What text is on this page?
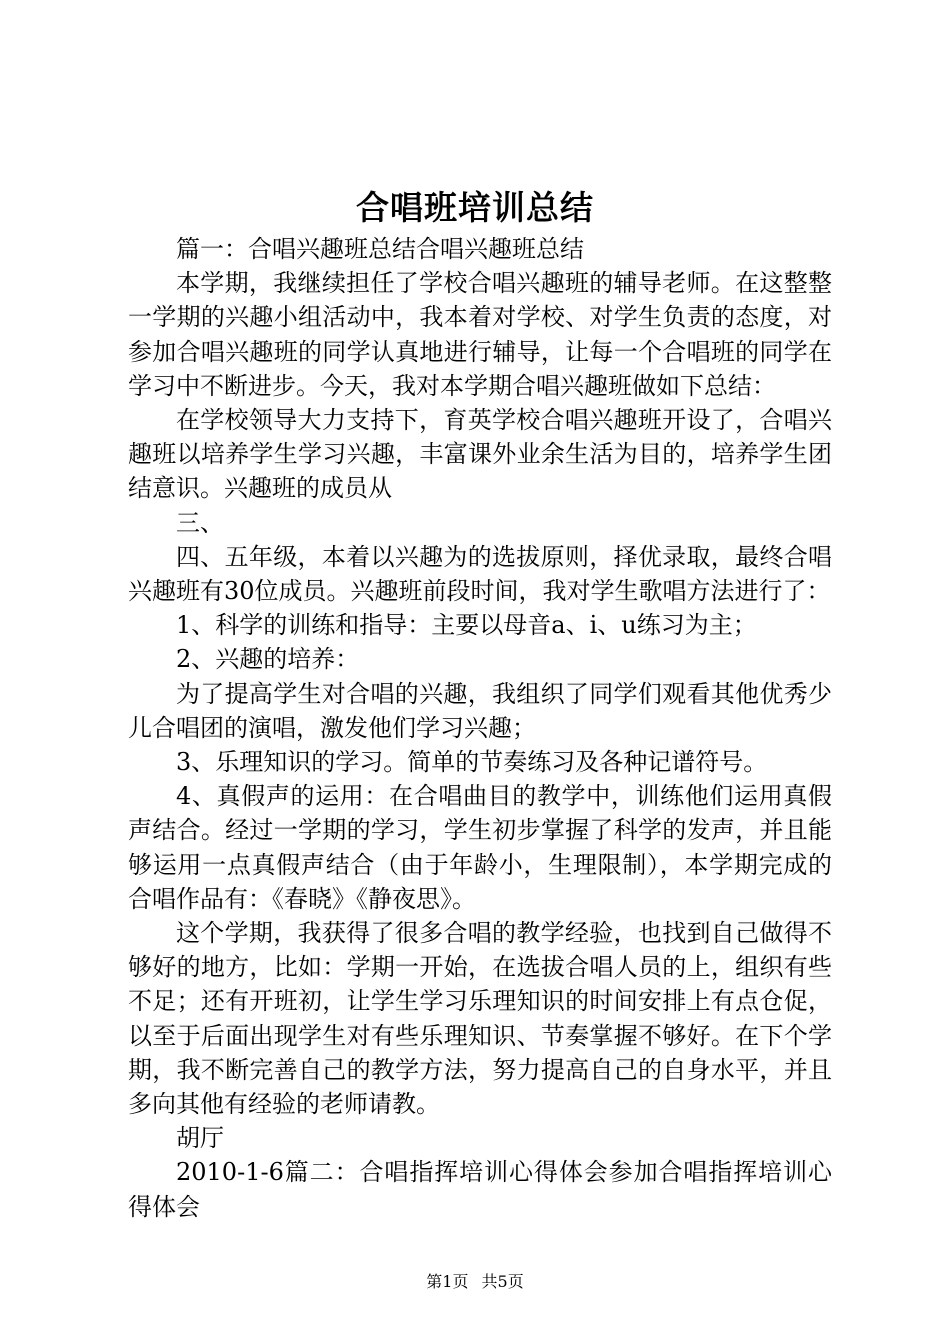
合唱班培训总结

篇一：合唱兴趣班总结合唱兴趣班总结

本学期，我继续担任了学校合唱兴趣班的辅导老师。在这整整一学期的兴趣小组活动中，我本着对学校、对学生负责的态度，对参加合唱兴趣班的同学认真地进行辅导，让每一个合唱班的同学在学习中不断进步。今天，我对本学期合唱兴趣班做如下总结：

在学校领导大力支持下，育英学校合唱兴趣班开设了，合唱兴趣班以培养学生学习兴趣，丰富课外业余生活为目的，培养学生团结意识。兴趣班的成员从

三、

四、五年级，本着以兴趣为的选拔原则，择优录取，最终合唱兴趣班有30位成员。兴趣班前段时间，我对学生歌唱方法进行了：

1、科学的训练和指导：主要以母音a、i、u练习为主；

2、兴趣的培养：

为了提高学生对合唱的兴趣，我组织了同学们观看其他优秀少儿合唱团的演唱，激发他们学习兴趣；

3、乐理知识的学习。简单的节奏练习及各种记谱符号。

4、真假声的运用：在合唱曲目的教学中，训练他们运用真假声结合。经过一学期的学习，学生初步掌握了科学的发声，并且能够运用一点真假声结合（由于年龄小，生理限制），本学期完成的合唱作品有：《春晓》《静夜思》。

这个学期，我获得了很多合唱的教学经验，也找到自己做得不够好的地方，比如：学期一开始，在选拔合唱人员的上，组织有些不足；还有开班初，让学生学习乐理知识的时间安排上有点仓促，以至于后面出现学生对有些乐理知识、节奏掌握不够好。在下个学期，我不断完善自己的教学方法，努力提高自己的自身水平，并且多向其他有经验的老师请教。

胡厅

2010-1-6篇二：合唱指挥培训心得体会参加合唱指挥培训心得体会

第1页 共5页
